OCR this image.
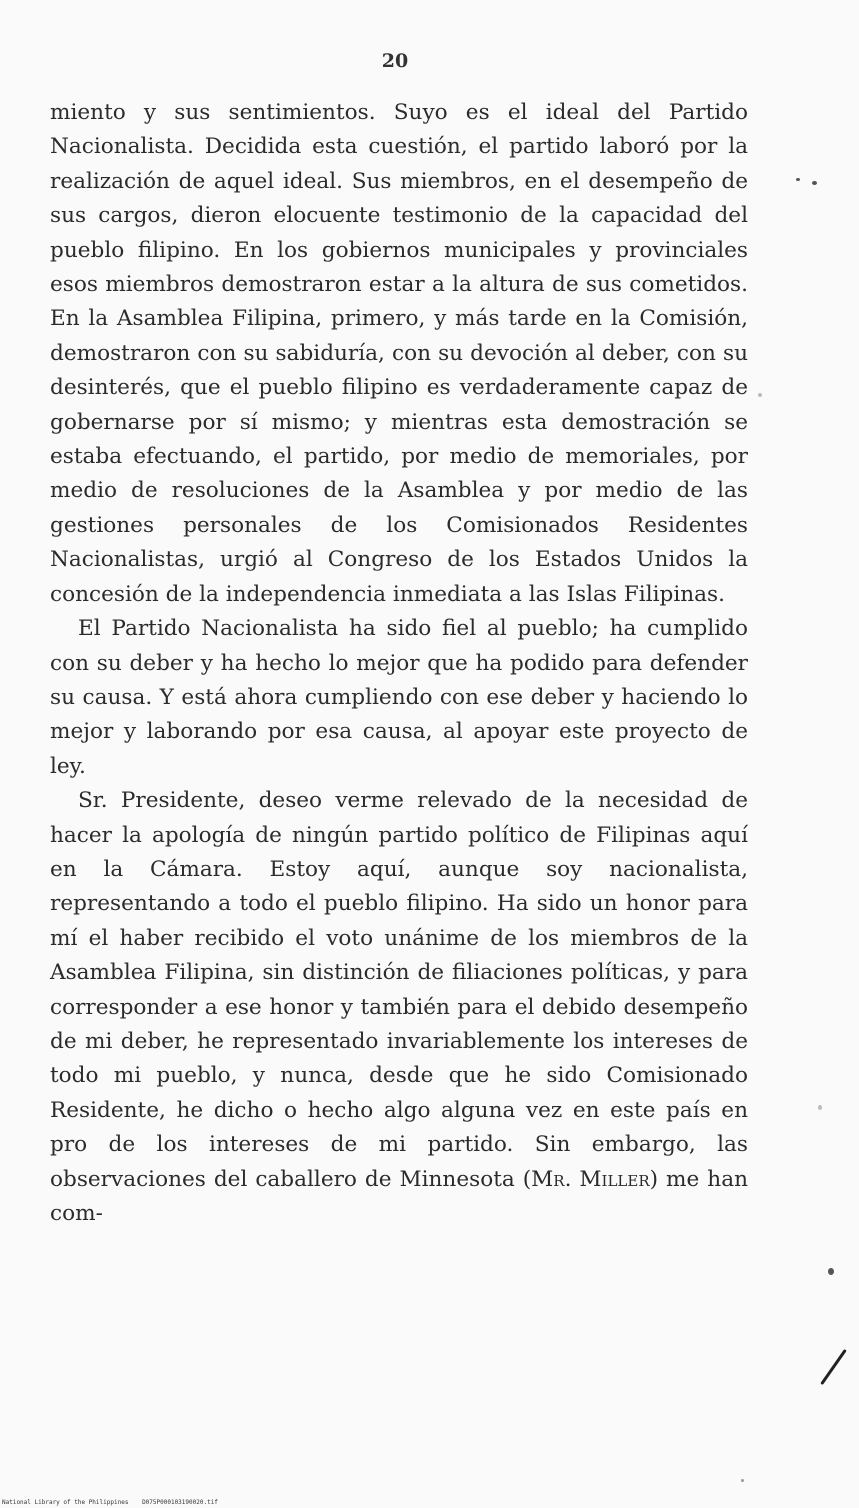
20

miento y sus sentimientos. Suyo es el ideal del Partido Nacionalista. Decidida esta cuestión, el partido laboró por la realización de aquel ideal. Sus miembros, en el desempeño de sus cargos, dieron elocuente testimonio de la capacidad del pueblo filipino. En los gobiernos municipales y provinciales esos miembros demostraron estar a la altura de sus cometidos. En la Asamblea Filipina, primero, y más tarde en la Comisión, demostraron con su sabiduría, con su devoción al deber, con su desinterés, que el pueblo filipino es verdaderamente capaz de gobernarse por sí mismo; y mientras esta demostración se estaba efectuando, el partido, por medio de memoriales, por medio de resoluciones de la Asamblea y por medio de las gestiones personales de los Comisionados Residentes Nacionalistas, urgió al Congreso de los Estados Unidos la concesión de la independencia inmediata a las Islas Filipinas.

El Partido Nacionalista ha sido fiel al pueblo; ha cumplido con su deber y ha hecho lo mejor que ha podido para defender su causa. Y está ahora cumpliendo con ese deber y haciendo lo mejor y laborando por esa causa, al apoyar este proyecto de ley.

Sr. Presidente, deseo verme relevado de la necesidad de hacer la apología de ningún partido político de Filipinas aquí en la Cámara. Estoy aquí, aunque soy nacionalista, representando a todo el pueblo filipino. Ha sido un honor para mí el haber recibido el voto unánime de los miembros de la Asamblea Filipina, sin distinción de filiaciones políticas, y para corresponder a ese honor y también para el debido desempeño de mi deber, he representado invariablemente los intereses de todo mi pueblo, y nunca, desde que he sido Comisionado Residente, he dicho o hecho algo alguna vez en este país en pro de los intereses de mi partido. Sin embargo, las observaciones del caballero de Minnesota (Mr. Miller) me han com-

National Library of the Philippines D075P000103190020.tif
